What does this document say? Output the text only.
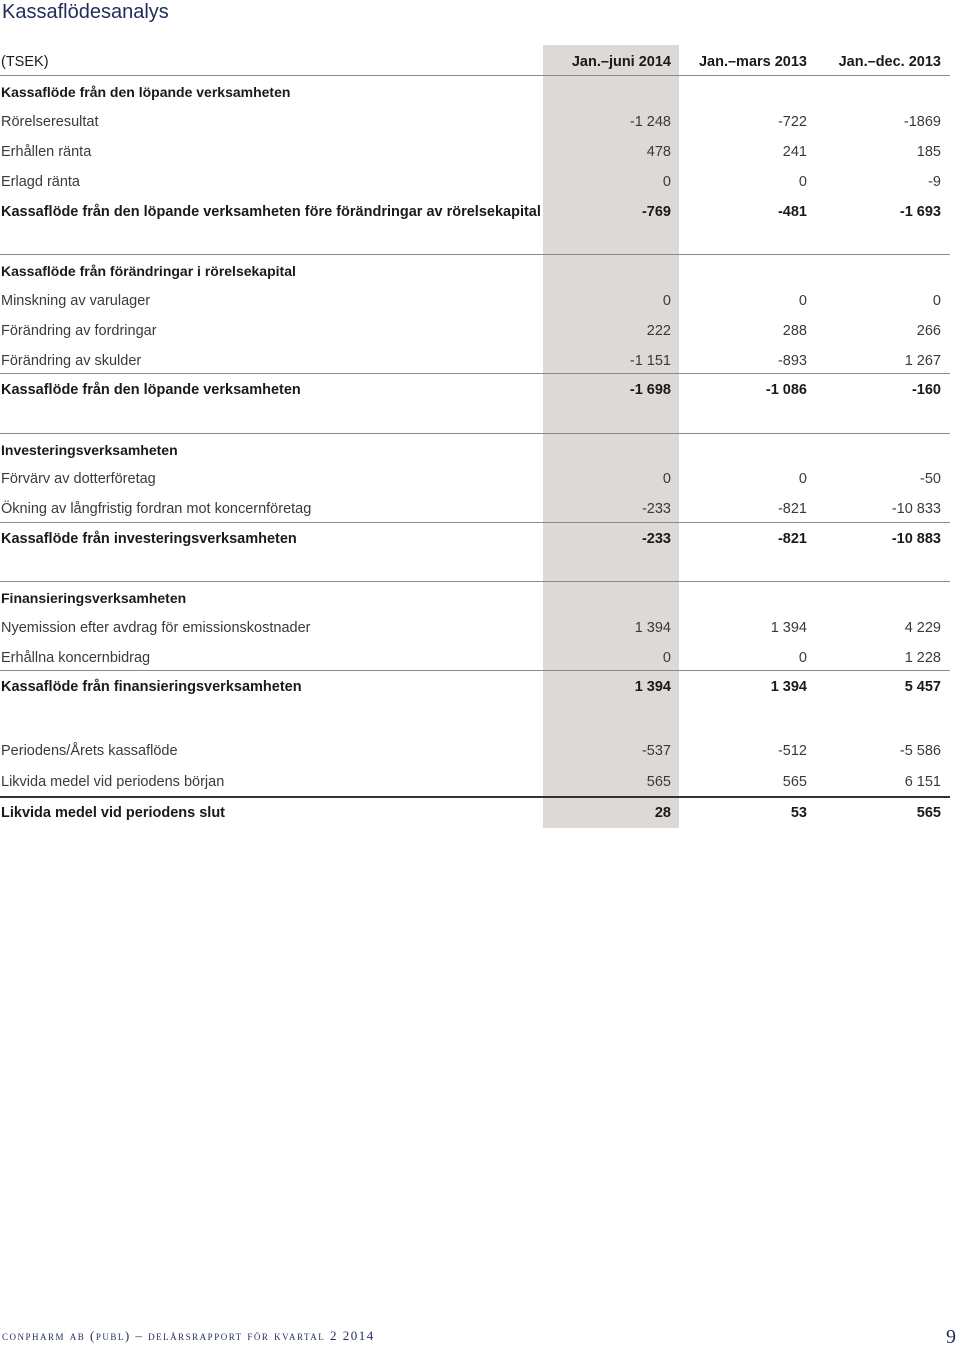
Kassaflödesanalys
(TSEK)	Jan.–juni 2014	Jan.–mars 2013	Jan.–dec. 2013
Kassaflöde från den löpande verksamheten
Rörelseresultat	-1 248	-722	-1869
Erhållen ränta	478	241	185
Erlagd ränta	0	0	-9
Kassaflöde från den löpande verksamheten före förändringar av rörelsekapital	-769	-481	-1 693
Kassaflöde från förändringar i rörelsekapital
Minskning av varulager	0	0	0
Förändring av fordringar	222	288	266
Förändring av skulder	-1 151	-893	1 267
Kassaflöde från den löpande verksamheten	-1 698	-1 086	-160
Investeringsverksamheten
Förvärv av dotterföretag	0	0	-50
Ökning av långfristig fordran mot koncernföretag	-233	-821	-10 833
Kassaflöde från investeringsverksamheten	-233	-821	-10 883
Finansieringsverksamheten
Nyemission efter avdrag för emissionskostnader	1 394	1 394	4 229
Erhållna koncernbidrag	0	0	1 228
Kassaflöde från finansieringsverksamheten	1 394	1 394	5 457
Periodens/Årets kassaflöde	-537	-512	-5 586
Likvida medel vid periodens början	565	565	6 151
Likvida medel vid periodens slut	28	53	565
conpharm ab (publ) – delårsrapport för kvartal 2 2014	9
